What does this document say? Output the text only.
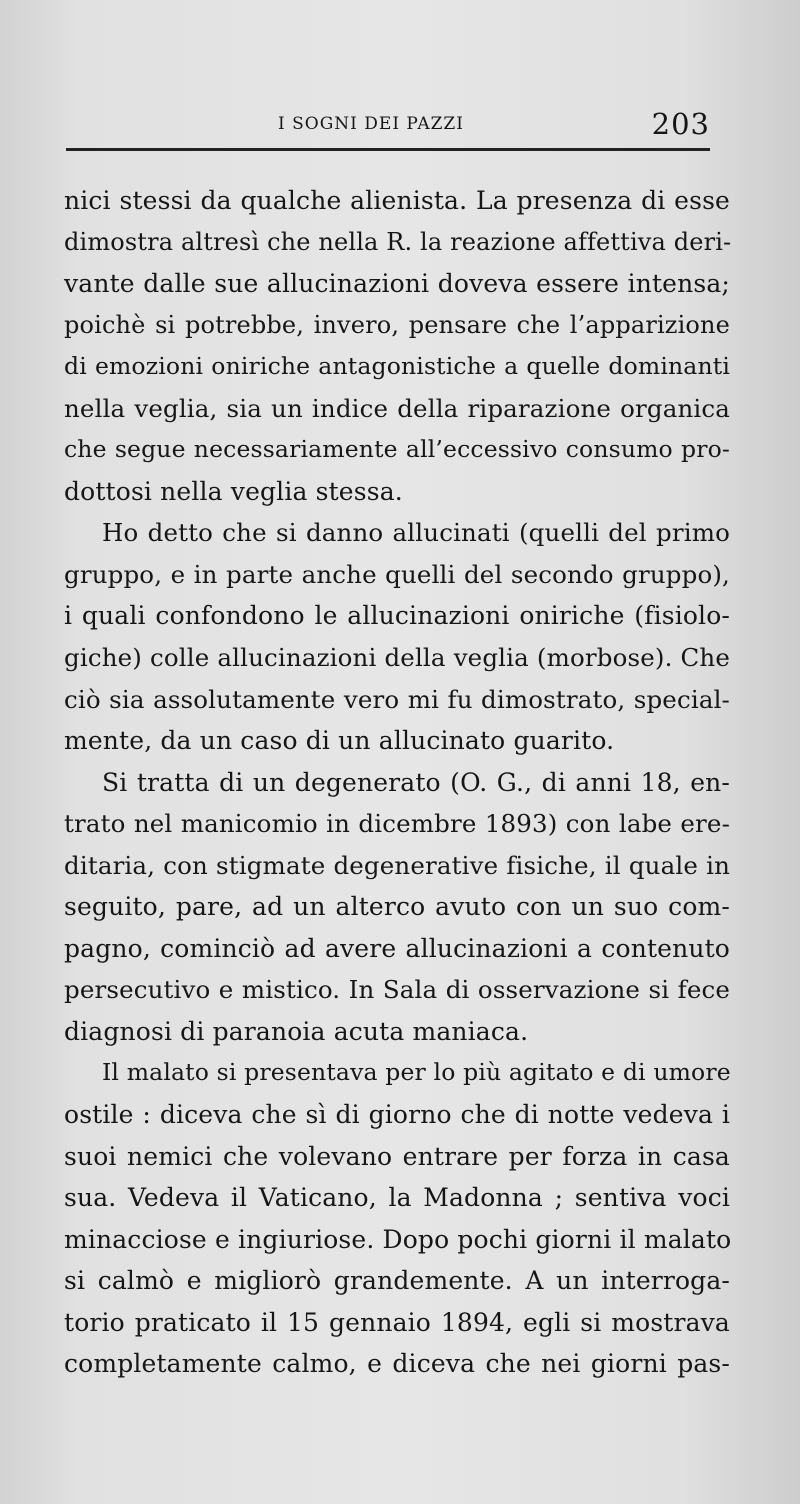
I SOGNI DEI PAZZI	203
nici stessi da qualche alienista. La presenza di esse
dimostra altresì che nella R. la reazione affettiva deri-
vante dalle sue allucinazioni doveva essere intensa;
poichè si potrebbe, invero, pensare che l’apparizione
di emozioni oniriche antagonistiche a quelle dominanti
nella veglia, sia un indice della riparazione organica
che segue necessariamente all’eccessivo consumo pro-
dottosi nella veglia stessa.
Ho detto che si danno allucinati (quelli del primo
gruppo, e in parte anche quelli del secondo gruppo),
i quali confondono le allucinazioni oniriche (fisiolo-
giche) colle allucinazioni della veglia (morbose). Che
ciò sia assolutamente vero mi fu dimostrato, special-
mente, da un caso di un allucinato guarito.
Si tratta di un degenerato (O. G., di anni 18, en-
trato nel manicomio in dicembre 1893) con labe ere-
ditaria, con stigmate degenerative fisiche, il quale in
seguito, pare, ad un alterco avuto con un suo com-
pagno, cominciò ad avere allucinazioni a contenuto
persecutivo e mistico. In Sala di osservazione si fece
diagnosi di paranoia acuta maniaca.
Il malato si presentava per lo più agitato e di umore
ostile : diceva che sì di giorno che di notte vedeva i
suoi nemici che volevano entrare per forza in casa
sua. Vedeva il Vaticano, la Madonna ; sentiva voci
minacciose e ingiuriose. Dopo pochi giorni il malato
si calmò e migliorò grandemente. A un interroga-
torio praticato il 15 gennaio 1894, egli si mostrava
completamente calmo, e diceva che nei giorni pas-
